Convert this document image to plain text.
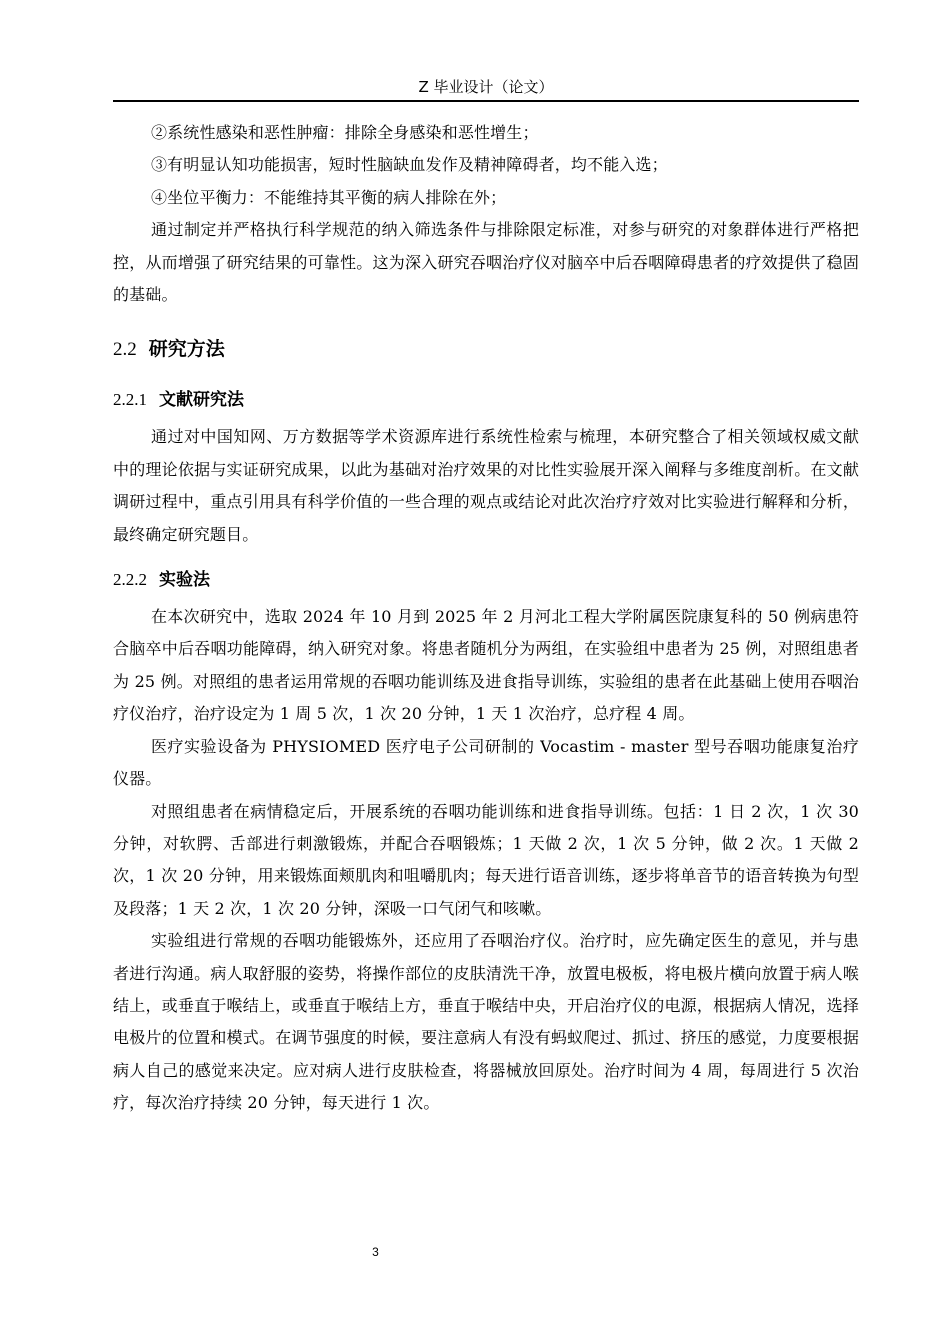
Z 毕业设计（论文）

②系统性感染和恶性肿瘤：排除全身感染和恶性增生；

③有明显认知功能损害，短时性脑缺血发作及精神障碍者，均不能入选；

④坐位平衡力：不能维持其平衡的病人排除在外；

通过制定并严格执行科学规范的纳入筛选条件与排除限定标准，对参与研究的对象群体进行严格把控，从而增强了研究结果的可靠性。这为深入研究吞咽治疗仪对脑卒中后吞咽障碍患者的疗效提供了稳固的基础。

2.2 研究方法
2.2.1 文献研究法

通过对中国知网、万方数据等学术资源库进行系统性检索与梳理，本研究整合了相关领域权威文献中的理论依据与实证研究成果，以此为基础对治疗效果的对比性实验展开深入阐释与多维度剖析。在文献调研过程中，重点引用具有科学价值的一些合理的观点或结论对此次治疗疗效对比实验进行解释和分析，最终确定研究题目。

2.2.2 实验法

在本次研究中，选取 2024 年 10 月到 2025 年 2 月河北工程大学附属医院康复科的 50 例病患符合脑卒中后吞咽功能障碍，纳入研究对象。将患者随机分为两组，在实验组中患者为 25 例，对照组患者为 25 例。对照组的患者运用常规的吞咽功能训练及进食指导训练，实验组的患者在此基础上使用吞咽治疗仪治疗，治疗设定为 1 周 5 次，1 次 20 分钟，1 天 1 次治疗，总疗程 4 周。

医疗实验设备为 PHYSIOMED 医疗电子公司研制的 Vocastim - master 型号吞咽功能康复治疗仪器。

对照组患者在病情稳定后，开展系统的吞咽功能训练和进食指导训练。包括：1 日 2 次，1 次 30 分钟，对软腭、舌部进行刺激锻炼，并配合吞咽锻炼；1 天做 2 次，1 次 5 分钟，做 2 次。1 天做 2 次，1 次 20 分钟，用来锻炼面颊肌肉和咀嚼肌肉；每天进行语音训练，逐步将单音节的语音转换为句型及段落；1 天 2 次，1 次 20 分钟，深吸一口气闭气和咳嗽。

实验组进行常规的吞咽功能锻炼外，还应用了吞咽治疗仪。治疗时，应先确定医生的意见，并与患者进行沟通。病人取舒服的姿势，将操作部位的皮肤清洗干净，放置电极板，将电极片横向放置于病人喉结上，或垂直于喉结上，或垂直于喉结上方，垂直于喉结中央，开启治疗仪的电源，根据病人情况，选择电极片的位置和模式。在调节强度的时候，要注意病人有没有蚂蚁爬过、抓过、挤压的感觉，力度要根据病人自己的感觉来决定。应对病人进行皮肤检查，将器械放回原处。治疗时间为 4 周，每周进行 5 次治疗，每次治疗持续 20 分钟，每天进行 1 次。

3
